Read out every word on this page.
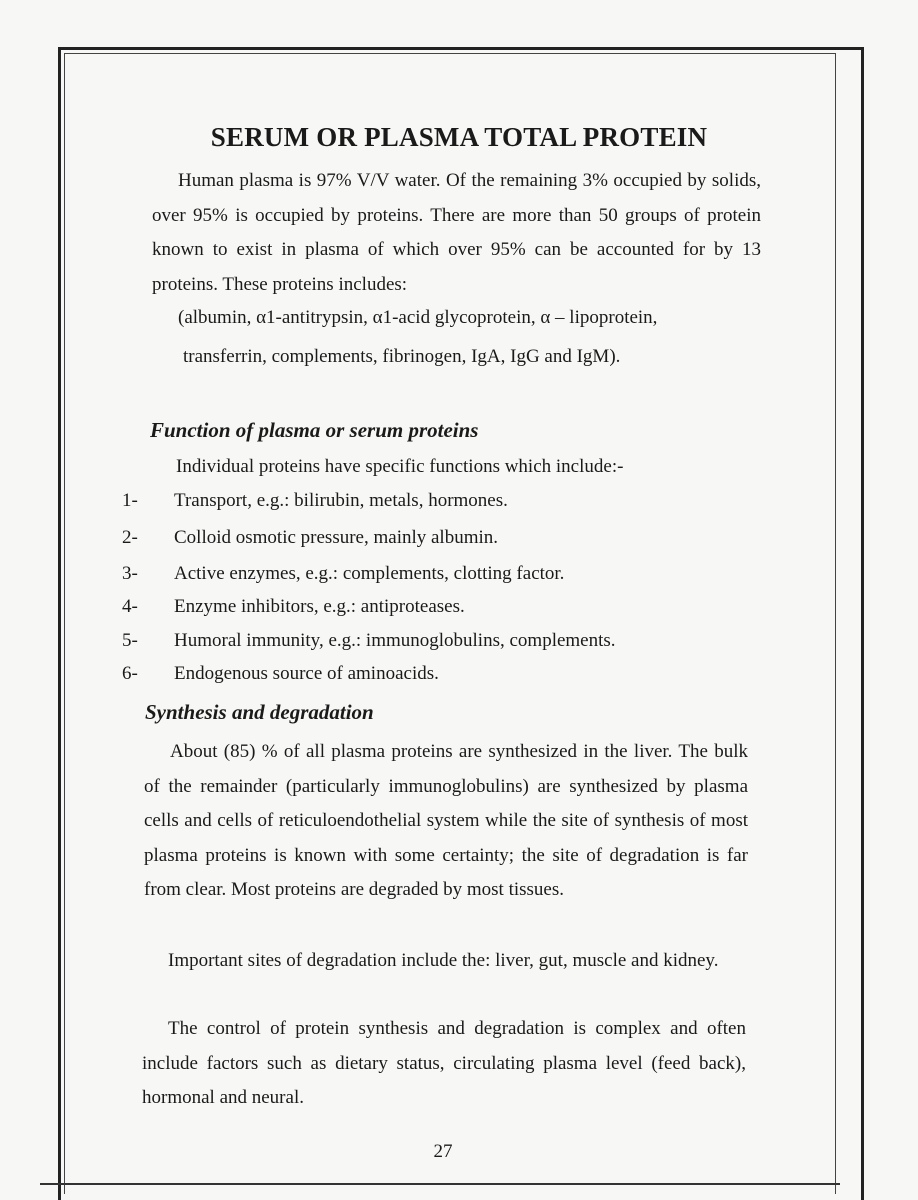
SERUM OR PLASMA TOTAL PROTEIN
Human plasma is 97% V/V water. Of the remaining 3% occupied by solids, over 95% is occupied by proteins. There are more than 50 groups of protein known to exist in plasma of which over 95% can be accounted for by 13 proteins. These proteins includes:
(albumin, α1-antitrypsin, α1-acid glycoprotein, α – lipoprotein,
transferrin, complements, fibrinogen, IgA, IgG and IgM).
Function of plasma or serum proteins
Individual proteins have specific functions which include:-
1- Transport, e.g.: bilirubin, metals, hormones.
2- Colloid osmotic pressure, mainly albumin.
3- Active enzymes, e.g.: complements, clotting factor.
4- Enzyme inhibitors, e.g.: antiproteases.
5- Humoral immunity, e.g.: immunoglobulins, complements.
6- Endogenous source of aminoacids.
Synthesis and degradation
About (85) % of all plasma proteins are synthesized in the liver. The bulk of the remainder (particularly immunoglobulins) are synthesized by plasma cells and cells of reticuloendothelial system while the site of synthesis of most plasma proteins is known with some certainty; the site of degradation is far from clear. Most proteins are degraded by most tissues.
Important sites of degradation include the: liver, gut, muscle and kidney.
The control of protein synthesis and degradation is complex and often include factors such as dietary status, circulating plasma level (feed back), hormonal and neural.
27
